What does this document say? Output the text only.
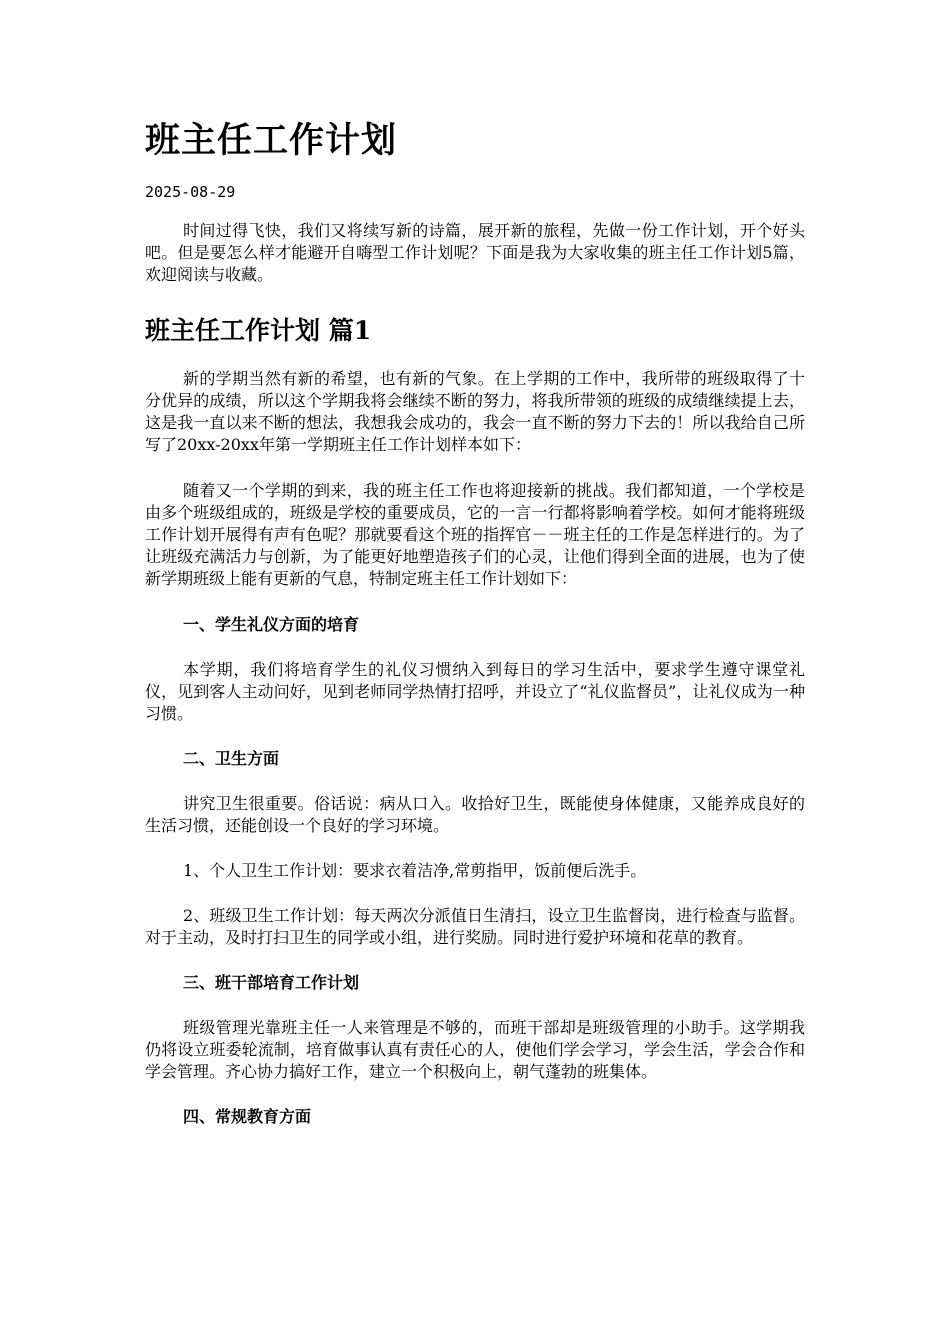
班主任工作计划
2025-08-29

时间过得飞快，我们又将续写新的诗篇，展开新的旅程，先做一份工作计划，开个好头吧。但是要怎么样才能避开自嗨型工作计划呢？下面是我为大家收集的班主任工作计划5篇，欢迎阅读与收藏。

班主任工作计划 篇1

新的学期当然有新的希望，也有新的气象。在上学期的工作中，我所带的班级取得了十分优异的成绩，所以这个学期我将会继续不断的努力，将我所带领的班级的成绩继续提上去，这是我一直以来不断的想法，我想我会成功的，我会一直不断的努力下去的！所以我给自己所写了20xx-20xx年第一学期班主任工作计划样本如下：

随着又一个学期的到来，我的班主任工作也将迎接新的挑战。我们都知道，一个学校是由多个班级组成的，班级是学校的重要成员，它的一言一行都将影响着学校。如何才能将班级工作计划开展得有声有色呢？那就要看这个班的指挥官－－班主任的工作是怎样进行的。为了让班级充满活力与创新，为了能更好地塑造孩子们的心灵，让他们得到全面的进展，也为了使新学期班级上能有更新的气息，特制定班主任工作计划如下：

一、学生礼仪方面的培育

本学期，我们将培育学生的礼仪习惯纳入到每日的学习生活中，要求学生遵守课堂礼仪，见到客人主动问好，见到老师同学热情打招呼，并设立了“礼仪监督员”，让礼仪成为一种习惯。

二、卫生方面

讲究卫生很重要。俗话说：病从口入。收拾好卫生，既能使身体健康，又能养成良好的生活习惯，还能创设一个良好的学习环境。

1、个人卫生工作计划：要求衣着洁净,常剪指甲，饭前便后洗手。

2、班级卫生工作计划：每天两次分派值日生清扫，设立卫生监督岗，进行检查与监督。对于主动，及时打扫卫生的同学或小组，进行奖励。同时进行爱护环境和花草的教育。

三、班干部培育工作计划

班级管理光靠班主任一人来管理是不够的，而班干部却是班级管理的小助手。这学期我仍将设立班委轮流制，培育做事认真有责任心的人，使他们学会学习，学会生活，学会合作和学会管理。齐心协力搞好工作，建立一个积极向上，朝气蓬勃的班集体。

四、常规教育方面
